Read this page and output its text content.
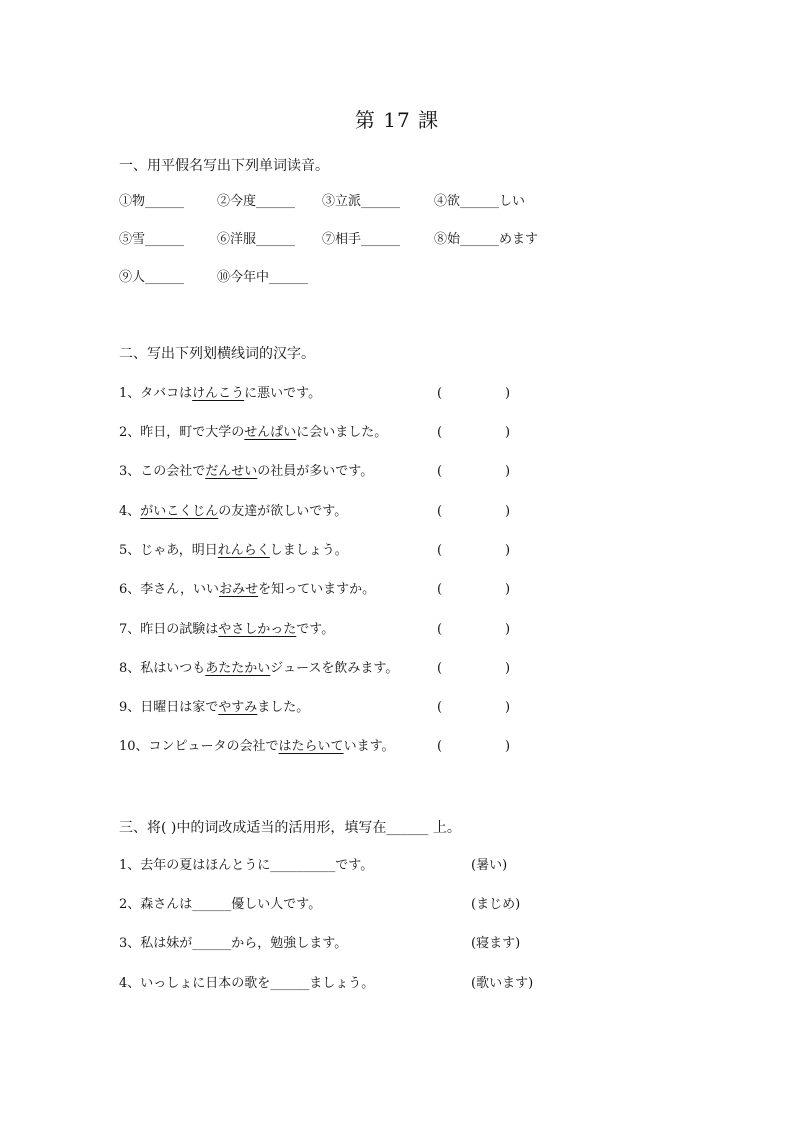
第 17 課
一、用平假名写出下列单词读音。
①物______	②今度______ ③立派______	④欲______しい
⑤雪______	⑥洋服______ ⑦相手______	⑧始______めます
⑨人______	⑩今年中______
二、写出下列划横线词的汉字。
1、タバコはけんこうに悪いです。	(	)
2、昨日，町で大学のせんぱいに会いました。	(	)
3、この会社でだんせいの社員が多いです。	(	)
4、がいこくじんの友達が欲しいです。	(	)
5、じゃあ，明日れんらくしましょう。	(	)
6、李さん，いいおみせを知っていますか。	(	)
7、昨日の試験はやさしかったです。	(	)
8、私はいつもあたたかいジュースを飲みます。	(	)
9、日曜日は家でやすみました。	(	)
10、コンピュータの会社ではたらいています。	(	)
三、将( )中的词改成适当的活用形，填写在______ 上。
1、去年の夏はほんとうに__________です。	(暑い)
2、森さんは______優しい人です。	(まじめ)
3、私は妹が______から，勉強します。	(寝ます)
4、いっしょに日本の歌を______ましょう。	(歌います)
